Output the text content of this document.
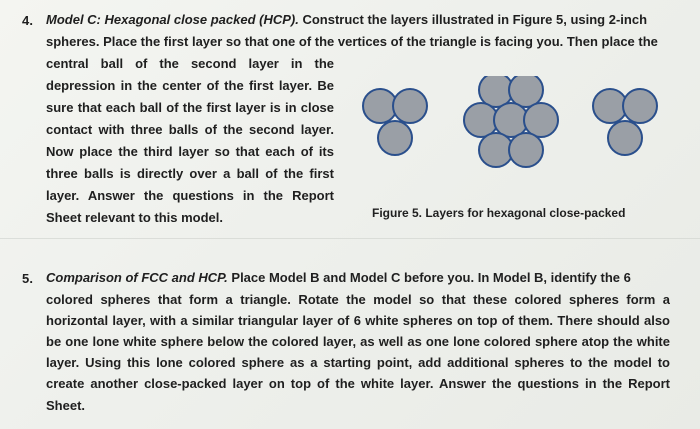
4. Model C: Hexagonal close packed (HCP). Construct the layers illustrated in Figure 5, using 2-inch
spheres. Place the first layer so that one of the vertices of the triangle is facing you. Then place the
central ball of the second layer in the
depression in the center of the first layer. Be
sure that each ball of the first layer is in close
contact with three balls of the second layer.
Now place the third layer so that each of its
three balls is directly over a ball of the first
layer. Answer the questions in the Report
Sheet relevant to this model.	Figure 5. Layers for hexagonal close-packed
5. Comparison of FCC and HCP. Place Model B and Model C before you. In Model B, identify the 6
colored spheres that form a triangle. Rotate the model so that these colored spheres form a
horizontal layer, with a similar triangular layer of 6 white spheres on top of them. There should also
be one lone white sphere below the colored layer, as well as one lone colored sphere atop the white
layer. Using this lone colored sphere as a starting point, add additional spheres to the model to
create another close-packed layer on top of the white layer. Answer the questions in the Report
Sheet.
